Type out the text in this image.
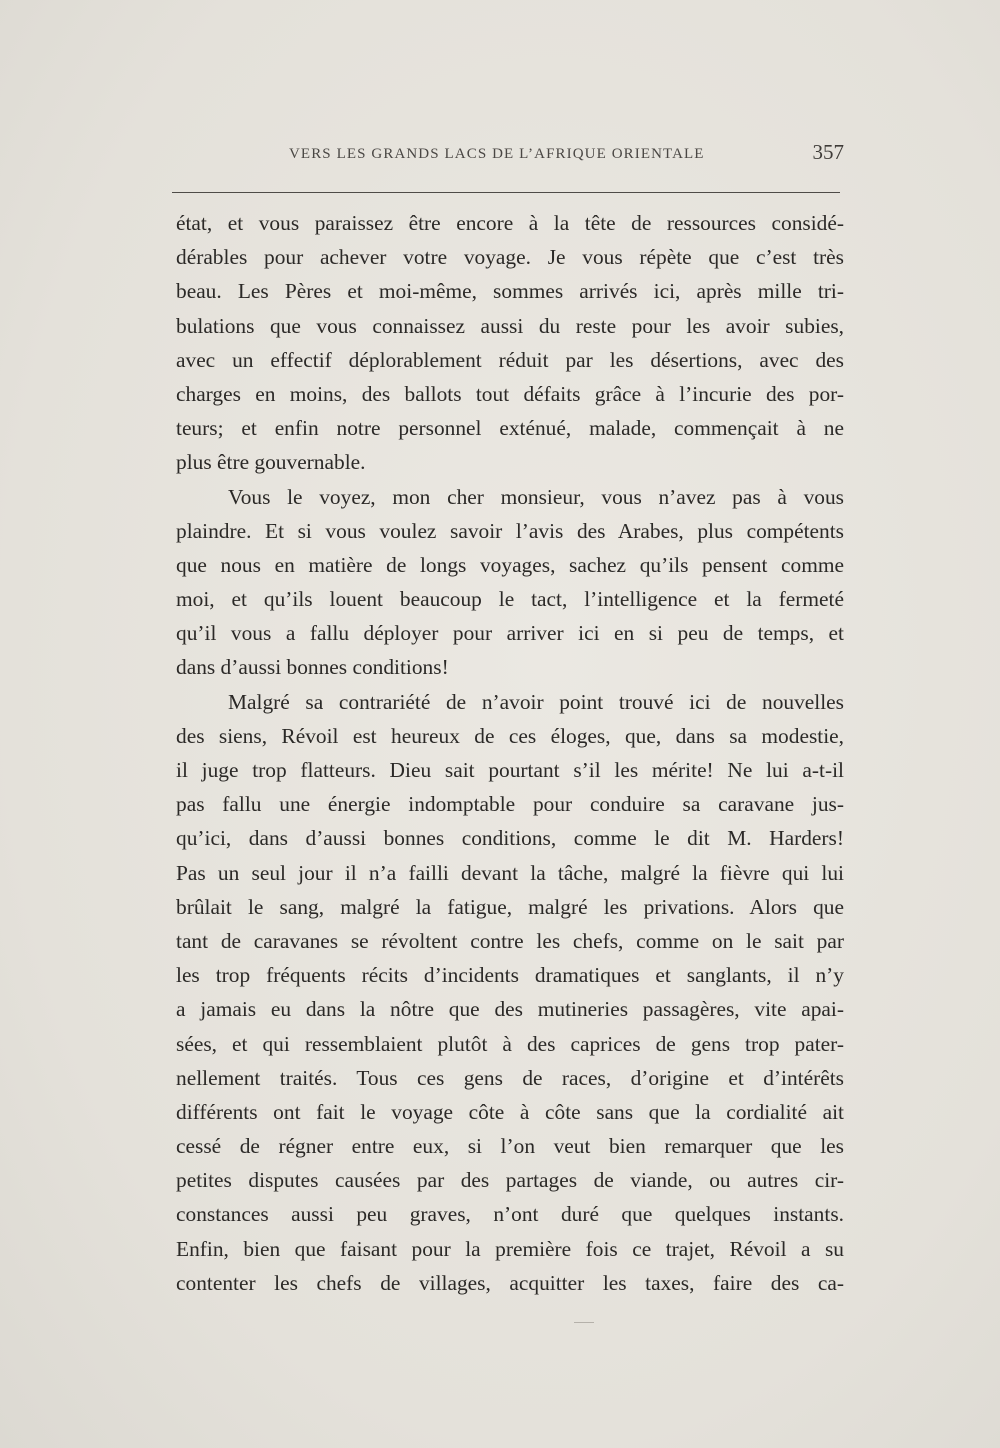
VERS LES GRANDS LACS DE L’AFRIQUE ORIENTALE	357
état, et vous paraissez être encore à la tête de ressources considé-
dérables pour achever votre voyage. Je vous répète que c’est très
beau. Les Pères et moi-même, sommes arrivés ici, après mille tri-
bulations que vous connaissez aussi du reste pour les avoir subies,
avec un effectif déplorablement réduit par les désertions, avec des
charges en moins, des ballots tout défaits grâce à l’incurie des por-
teurs; et enfin notre personnel exténué, malade, commençait à ne
plus être gouvernable.
Vous le voyez, mon cher monsieur, vous n’avez pas à vous
plaindre. Et si vous voulez savoir l’avis des Arabes, plus compétents
que nous en matière de longs voyages, sachez qu’ils pensent comme
moi, et qu’ils louent beaucoup le tact, l’intelligence et la fermeté
qu’il vous a fallu déployer pour arriver ici en si peu de temps, et
dans d’aussi bonnes conditions!
Malgré sa contrariété de n’avoir point trouvé ici de nouvelles
des siens, Révoil est heureux de ces éloges, que, dans sa modestie,
il juge trop flatteurs. Dieu sait pourtant s’il les mérite! Ne lui a-t-il
pas fallu une énergie indomptable pour conduire sa caravane jus-
qu’ici, dans d’aussi bonnes conditions, comme le dit M. Harders!
Pas un seul jour il n’a failli devant la tâche, malgré la fièvre qui lui
brûlait le sang, malgré la fatigue, malgré les privations. Alors que
tant de caravanes se révoltent contre les chefs, comme on le sait par
les trop fréquents récits d’incidents dramatiques et sanglants, il n’y
a jamais eu dans la nôtre que des mutineries passagères, vite apai-
sées, et qui ressemblaient plutôt à des caprices de gens trop pater-
nellement traités. Tous ces gens de races, d’origine et d’intérêts
différents ont fait le voyage côte à côte sans que la cordialité ait
cessé de régner entre eux, si l’on veut bien remarquer que les
petites disputes causées par des partages de viande, ou autres cir-
constances aussi peu graves, n’ont duré que quelques instants.
Enfin, bien que faisant pour la première fois ce trajet, Révoil a su
contenter les chefs de villages, acquitter les taxes, faire des ca-
